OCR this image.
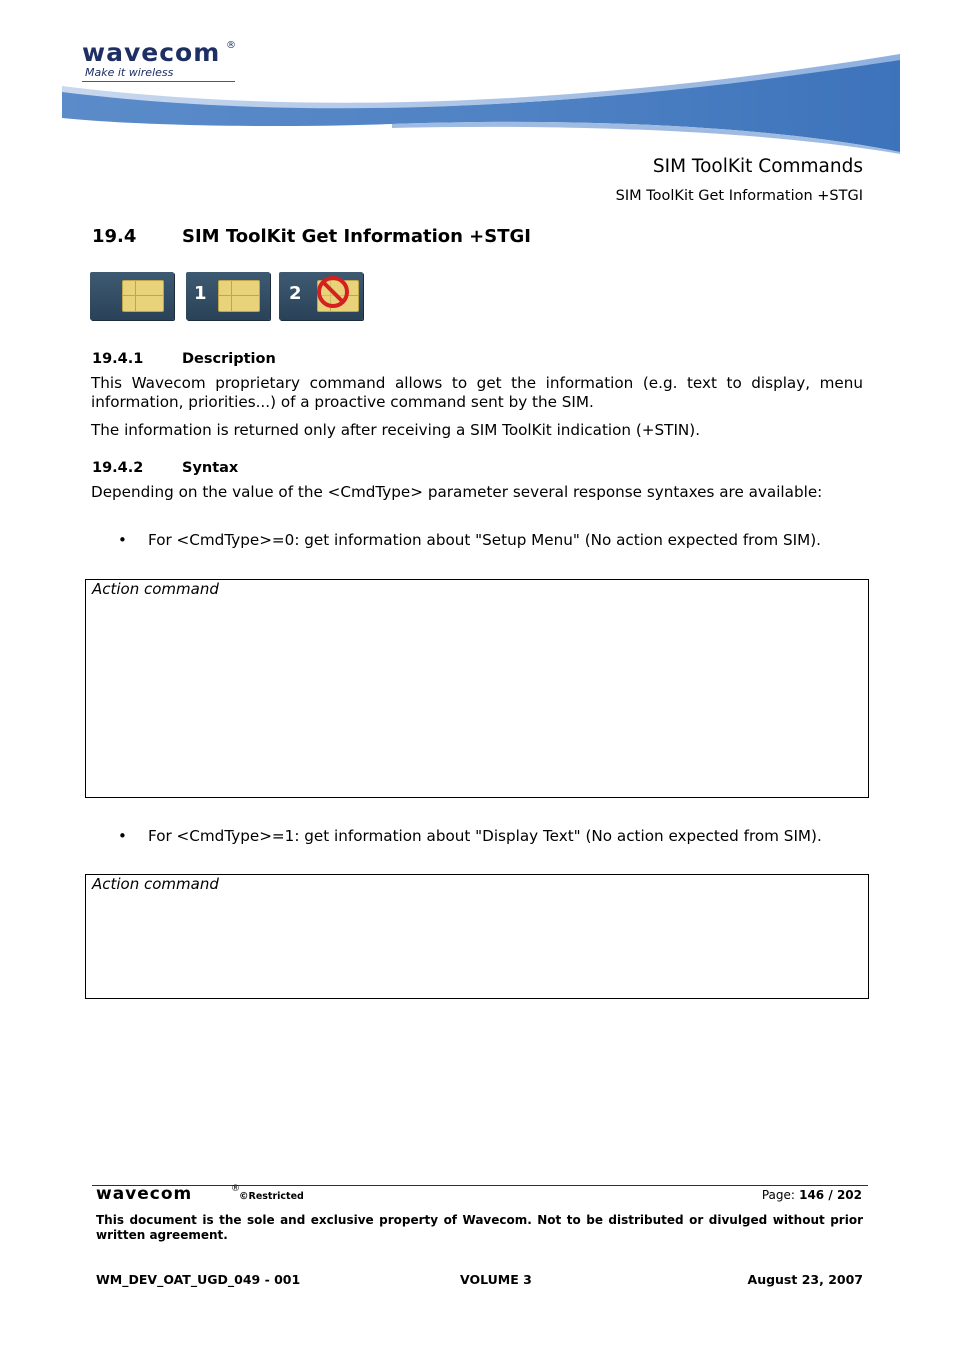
wavecom ®
Make it wireless
SIM ToolKit Commands
SIM ToolKit Get Information +STGI
19.4	SIM ToolKit Get Information +STGI
1	2
19.4.1	Description
This Wavecom proprietary command allows to get the information (e.g. text to display, menu information, priorities...) of a proactive command sent by the SIM.
The information is returned only after receiving a SIM ToolKit indication (+STIN).
19.4.2	Syntax
Depending on the value of the <CmdType> parameter several response syntaxes are available:
• For <CmdType>=0: get information about "Setup Menu" (No action expected from SIM).
Action command
• For <CmdType>=1: get information about "Display Text" (No action expected from SIM).
Action command
wavecom	®
©Restricted	Page: 146 / 202
This document is the sole and exclusive property of Wavecom. Not to be distributed or divulged without prior written agreement.
WM_DEV_OAT_UGD_049 - 001	VOLUME 3	August 23, 2007
